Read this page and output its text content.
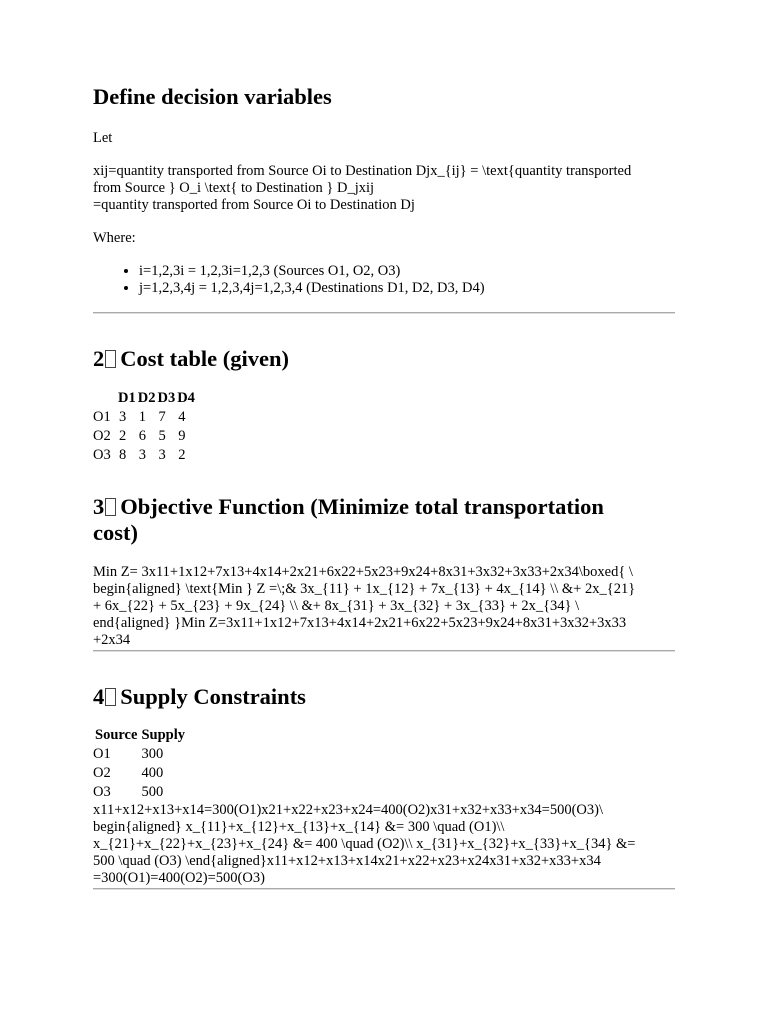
Define decision variables

Let

xij=quantity transported from Source Oi to Destination Djx_{ij} = \text{quantity transported

from Source } O_i \text{ to Destination } D_jxij

=quantity transported from Source Oi to Destination Dj

Where:

• i=1,2,3i = 1,2,3i=1,2,3 (Sources O1, O2, O3)
• j=1,2,3,4j = 1,2,3,4j=1,2,3,4 (Destinations D1, D2, D3, D4)
2 Cost table (given)
	D1	D2	D3	D4
O1	3	1	7	4
O2	2	6	5	9
O3	8	3	3	2
3 Objective Function (Minimize total transportation
cost)

Min Z= 3x11+1x12+7x13+4x14+2x21+6x22+5x23+9x24+8x31+3x32+3x33+2x34\boxed{ \

begin{aligned} \text{Min } Z =\;& 3x_{11} + 1x_{12} + 7x_{13} + 4x_{14} \\ &+ 2x_{21}

+ 6x_{22} + 5x_{23} + 9x_{24} \\ &+ 8x_{31} + 3x_{32} + 3x_{33} + 2x_{34} \

end{aligned} }Min Z=3x11+1x12+7x13+4x14+2x21+6x22+5x23+9x24+8x31+3x32+3x33

+2x34

4 Supply Constraints
Source	Supply
O1	300
O2	400
O3	500

x11+x12+x13+x14=300(O1)x21+x22+x23+x24=400(O2)x31+x32+x33+x34=500(O3)\

begin{aligned} x_{11}+x_{12}+x_{13}+x_{14} &= 300 \quad (O1)\\

x_{21}+x_{22}+x_{23}+x_{24} &= 400 \quad (O2)\\ x_{31}+x_{32}+x_{33}+x_{34} &=

500 \quad (O3) \end{aligned}x11+x12+x13+x14x21+x22+x23+x24x31+x32+x33+x34

=300(O1)=400(O2)=500(O3)
